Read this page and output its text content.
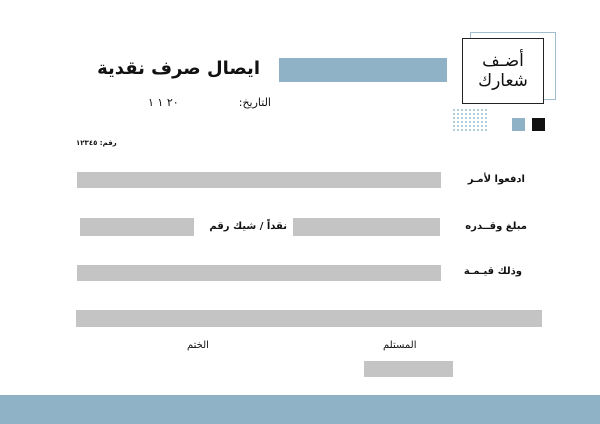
ايصال صرف نقدية
التاريخ:
٢٠ ١ ١
رقم: ١٢٣٤٥
أضـف
شعارك
ادفعوا لأمـر
مبلغ وقــدره
نقداً / شيك رقم
وذلك قيـمـة
المستلم
الختم
